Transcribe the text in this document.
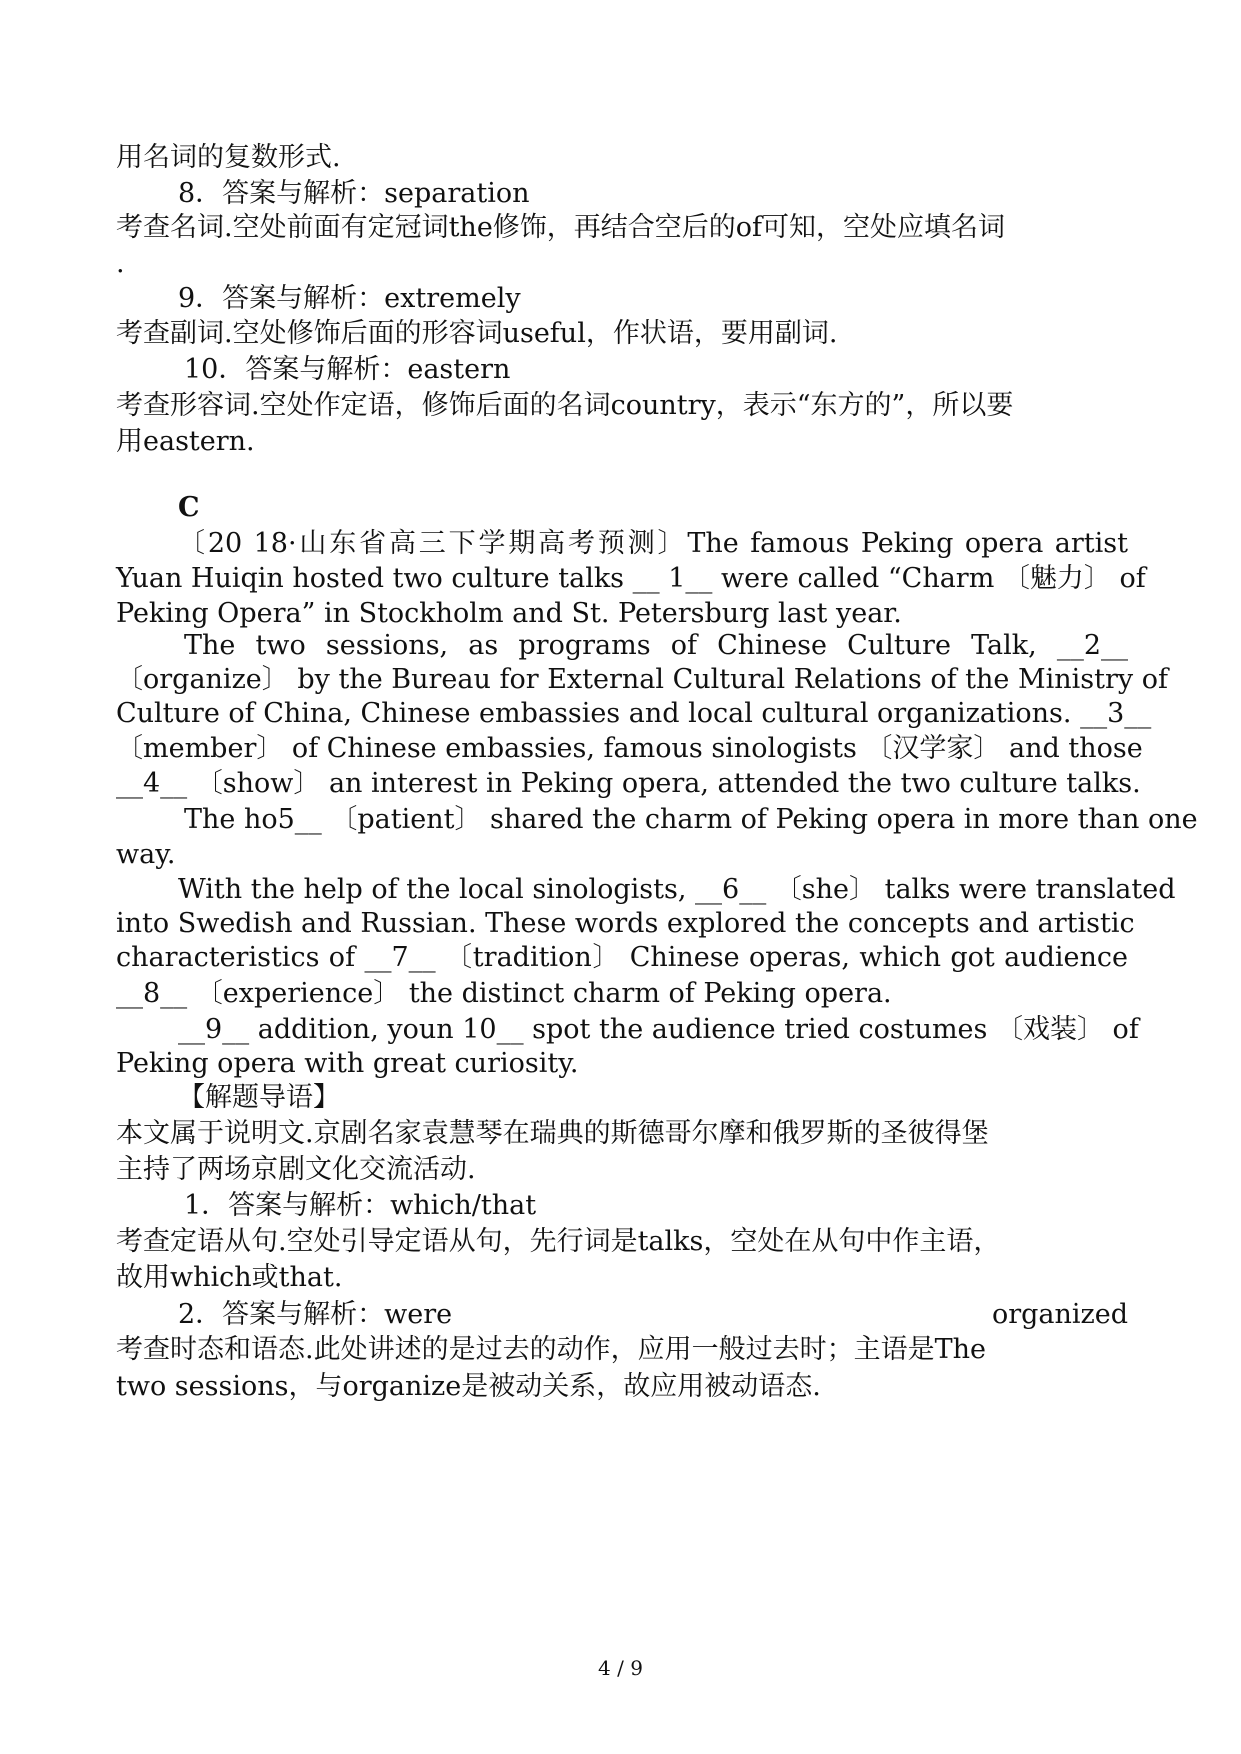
用名词的复数形式.
8．答案与解析：separation
考查名词.空处前面有定冠词the修饰，再结合空后的of可知，空处应填名词
.
9．答案与解析：extremely
考查副词.空处修饰后面的形容词useful，作状语，要用副词.
10．答案与解析：eastern
考查形容词.空处作定语，修饰后面的名词country，表示“东方的”，所以要
用eastern.
C
〔20 18·山东省高三下学期高考预测〕The famous Peking opera artist
Yuan Huiqin hosted two culture talks __ 1__ were called “Charm 〔魅力〕 of
Peking Opera” in Stockholm and St. Petersburg last year.
The two sessions, as programs of Chinese Culture Talk, __2__
〔organize〕 by the Bureau for External Cultural Relations of the Ministry of
Culture of China, Chinese embassies and local cultural organizations. __3__
〔member〕 of Chinese embassies, famous sinologists 〔汉学家〕 and those
__4__ 〔show〕 an interest in Peking opera, attended the two culture talks.
The ho5__ 〔patient〕 shared the charm of Peking opera in more than one
way.
With the help of the local sinologists, __6__ 〔she〕 talks were translated
into Swedish and Russian. These words explored the concepts and artistic
characteristics of __7__ 〔tradition〕 Chinese operas, which got audience
__8__ 〔experience〕 the distinct charm of Peking opera.
__9__ addition, youn 10__ spot the audience tried costumes 〔戏装〕 of
Peking opera with great curiosity.
【解题导语】
本文属于说明文.京剧名家袁慧琴在瑞典的斯德哥尔摩和俄罗斯的圣彼得堡
主持了两场京剧文化交流活动.
1．答案与解析：which/that
考查定语从句.空处引导定语从句，先行词是talks，空处在从句中作主语，
故用which或that.
2．答案与解析：were	organized
考查时态和语态.此处讲述的是过去的动作，应用一般过去时；主语是The
two sessions，与organize是被动关系，故应用被动语态.
4 / 9
